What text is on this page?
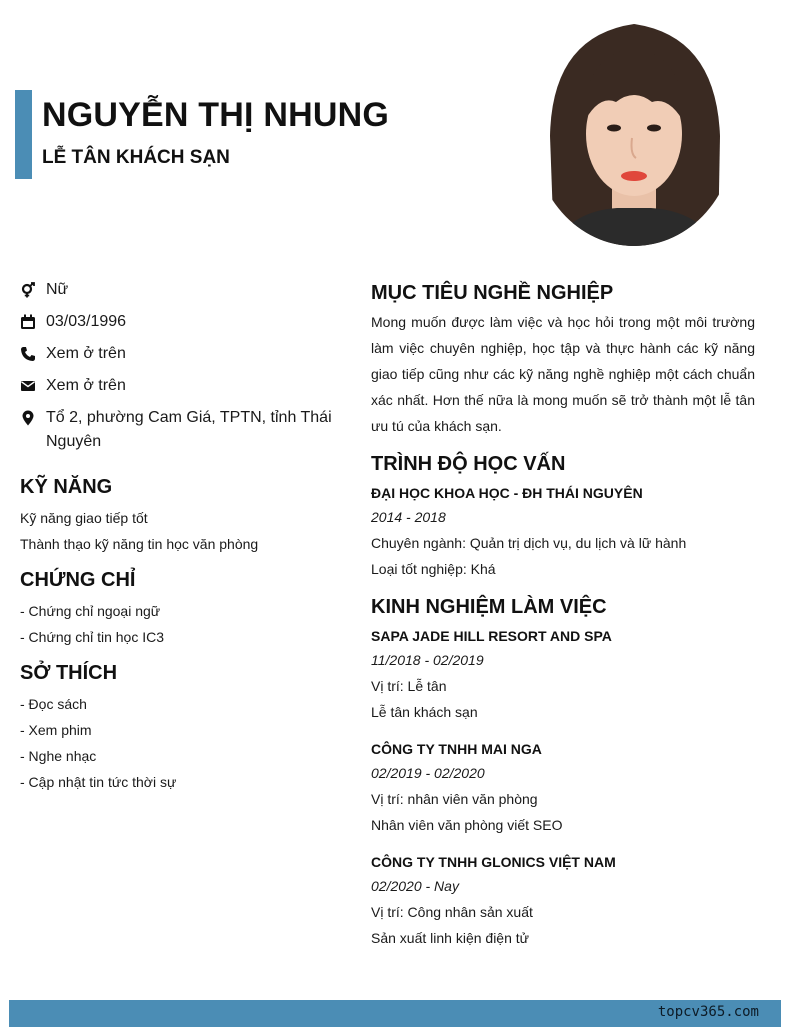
NGUYỄN THỊ NHUNG
LỄ TÂN KHÁCH SẠN
Nữ
03/03/1996
Xem ở trên
Xem ở trên
Tổ 2, phường Cam Giá, TPTN, tỉnh Thái Nguyên
KỸ NĂNG
Kỹ năng giao tiếp tốt
Thành thạo kỹ năng tin học văn phòng
CHỨNG CHỈ
- Chứng chỉ ngoại ngữ
- Chứng chỉ tin học IC3
SỞ THÍCH
- Đọc sách
- Xem phim
- Nghe nhạc
- Cập nhật tin tức thời sự
MỤC TIÊU NGHỀ NGHIỆP
Mong muốn được làm việc và học hỏi trong một môi trường làm việc chuyên nghiệp, học tập và thực hành các kỹ năng giao tiếp cũng như các kỹ năng nghề nghiệp một cách chuẩn xác nhất. Hơn thế nữa là mong muốn sẽ trở thành một lễ tân ưu tú của khách sạn.
TRÌNH ĐỘ HỌC VẤN
ĐẠI HỌC KHOA HỌC - ĐH THÁI NGUYÊN
2014 - 2018
Chuyên ngành: Quản trị dịch vụ, du lịch và lữ hành
Loại tốt nghiệp: Khá
KINH NGHIỆM LÀM VIỆC
SAPA JADE HILL RESORT AND SPA
11/2018 - 02/2019
Vị trí: Lễ tân
Lễ tân khách sạn
CÔNG TY TNHH MAI NGA
02/2019 - 02/2020
Vị trí: nhân viên văn phòng
Nhân viên văn phòng viết SEO
CÔNG TY TNHH GLONICS VIỆT NAM
02/2020 - Nay
Vị trí: Công nhân sản xuất
Sản xuất linh kiện điện tử
topcv365.com
